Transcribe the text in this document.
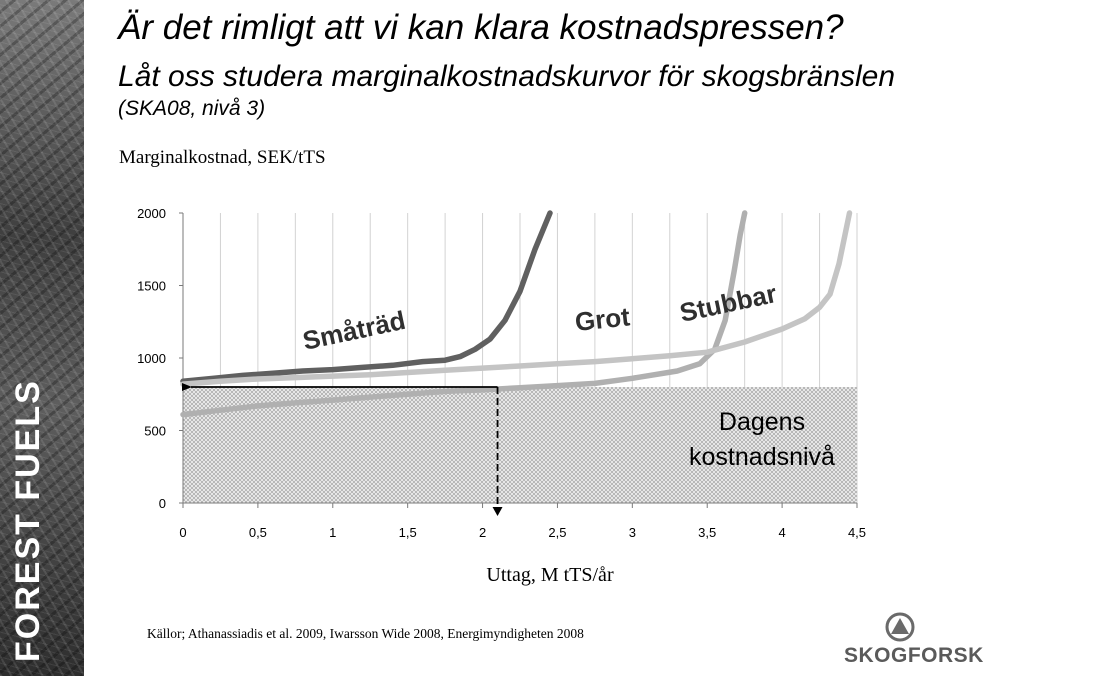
FOREST FUELS
Är det rimligt att vi kan klara kostnadspressen?
Låt oss studera marginalkostnadskurvor för skogsbränslen
(SKA08, nivå 3)
Marginalkostnad, SEK/tTS
0	0,5	1	1,5	2	2,5	3	3,5	4	4,5
0
500
1000
1500
2000
Småträd	Grot Stubbar
Dagens
kostnadsnivå
Uttag, M tTS/år
Källor; Athanassiadis et al. 2009, Iwarsson Wide 2008, Energimyndigheten 2008
SKOGFORSK
